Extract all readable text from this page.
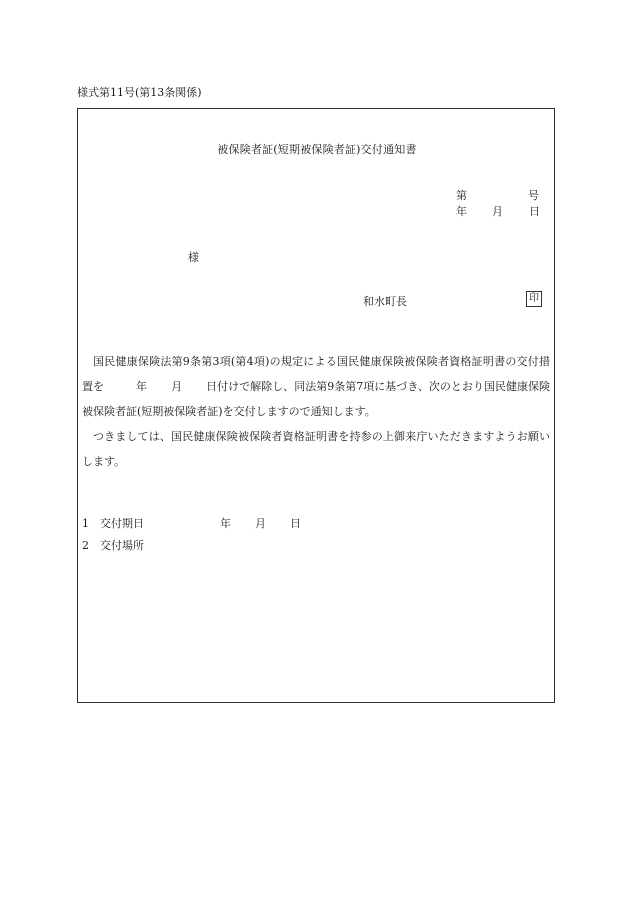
様式第11号(第13条関係)
被保険者証(短期被保険者証)交付通知書
第	号
年 月 日
様
和水町長	印

国民健康保険法第9条第3項(第4項)の規定による国民健康保険被保険者資格証明書の交付措置を	年 月 日付けで解除し、同法第9条第7項に基づき、次のとおり国民健康保険被保険者証(短期被保険者証)を交付しますので通知します。

つきましては、国民健康保険被保険者資格証明書を持参の上御来庁いただきますようお願いします。

1 交付期日	年 月 日
2 交付場所
